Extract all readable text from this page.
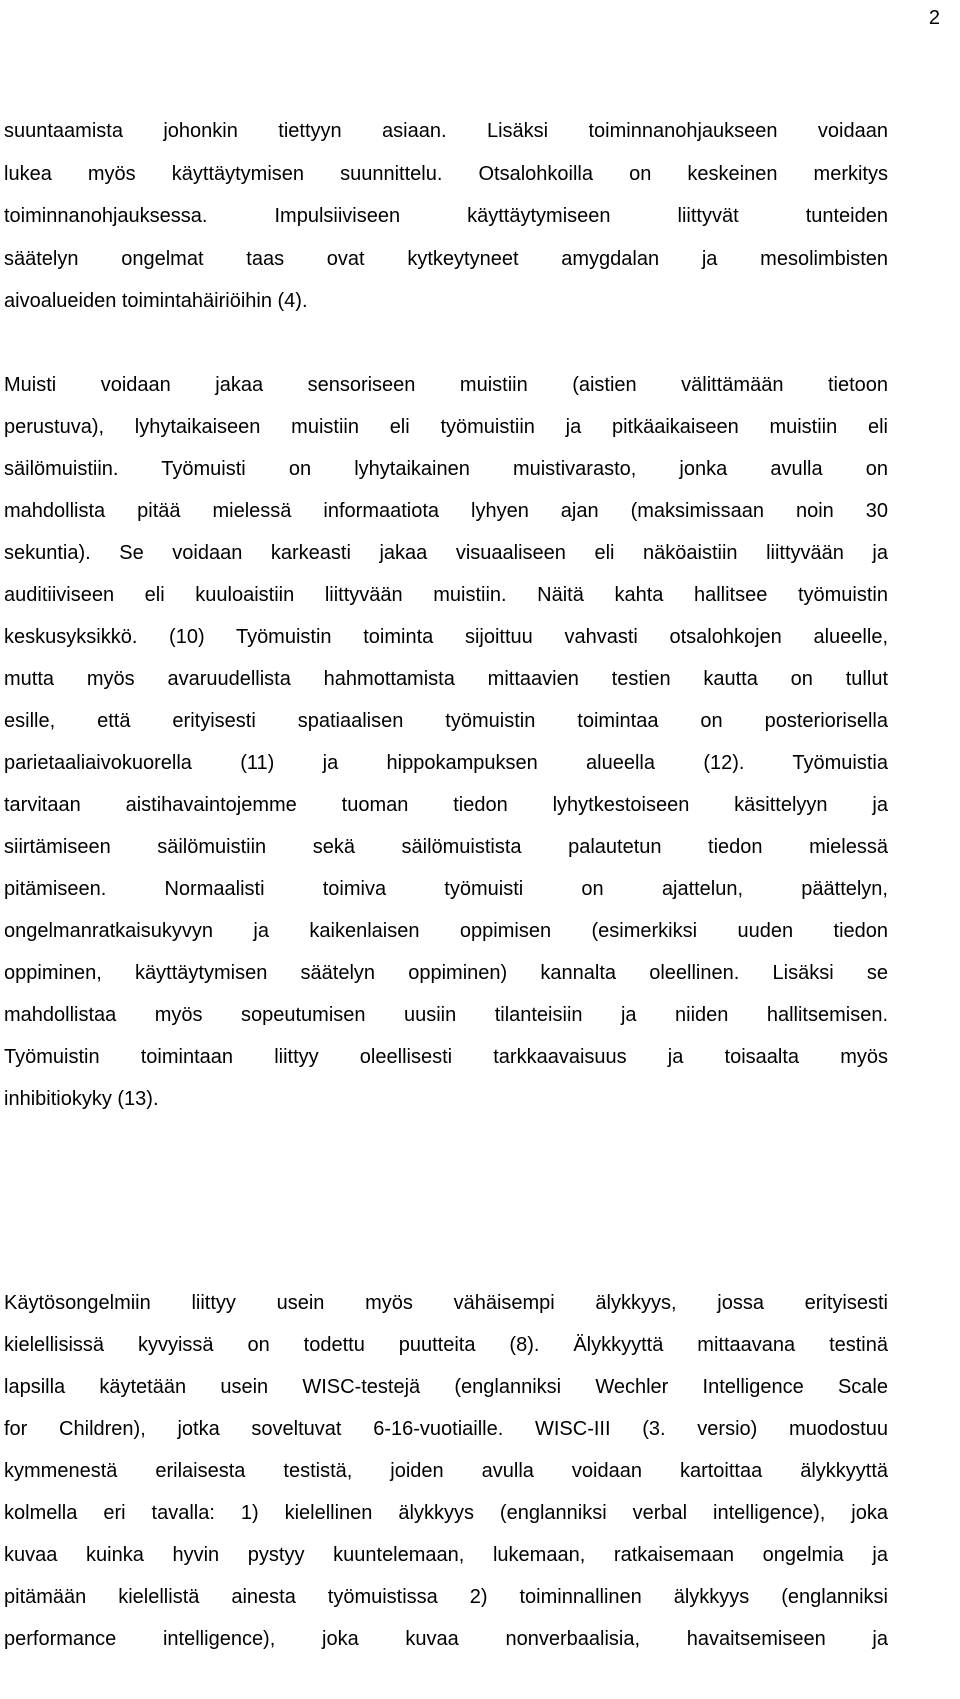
2
suuntaamista johonkin tiettyyn asiaan. Lisäksi toiminnanohjaukseen voidaan
lukea myös käyttäytymisen suunnittelu. Otsalohkoilla on keskeinen merkitys
toiminnanohjauksessa. Impulsiiviseen käyttäytymiseen liittyvät tunteiden
säätelyn ongelmat taas ovat kytkeytyneet amygdalan ja mesolimbisten
aivoalueiden toimintahäiriöihin (4).
Muisti voidaan jakaa sensoriseen muistiin (aistien välittämään tietoon
perustuva), lyhytaikaiseen muistiin eli työmuistiin ja pitkäaikaiseen muistiin eli
säilömuistiin. Työmuisti on lyhytaikainen muistivarasto, jonka avulla on
mahdollista pitää mielessä informaatiota lyhyen ajan (maksimissaan noin 30
sekuntia). Se voidaan karkeasti jakaa visuaaliseen eli näköaistiin liittyvään ja
auditiiviseen eli kuuloaistiin liittyvään muistiin. Näitä kahta hallitsee työmuistin
keskusyksikkö. (10) Työmuistin toiminta sijoittuu vahvasti otsalohkojen alueelle,
mutta myös avaruudellista hahmottamista mittaavien testien kautta on tullut
esille, että erityisesti spatiaalisen työmuistin toimintaa on posteriorisella
parietaaliaivokuorella (11) ja hippokampuksen alueella (12). Työmuistia
tarvitaan aistihavaintojemme tuoman tiedon lyhytkestoiseen käsittelyyn ja
siirtämiseen säilömuistiin sekä säilömuistista palautetun tiedon mielessä
pitämiseen. Normaalisti toimiva työmuisti on ajattelun, päättelyn,
ongelmanratkaisukyvyn ja kaikenlaisen oppimisen (esimerkiksi uuden tiedon
oppiminen, käyttäytymisen säätelyn oppiminen) kannalta oleellinen. Lisäksi se
mahdollistaa myös sopeutumisen uusiin tilanteisiin ja niiden hallitsemisen.
Työmuistin toimintaan liittyy oleellisesti tarkkaavaisuus ja toisaalta myös
inhibitiokyky (13).
Käytösongelmiin liittyy usein myös vähäisempi älykkyys, jossa erityisesti
kielellisissä kyvyissä on todettu puutteita (8). Älykkyyttä mittaavana testinä
lapsilla käytetään usein WISC-testejä (englanniksi Wechler Intelligence Scale
for Children), jotka soveltuvat 6-16-vuotiaille. WISC-III (3. versio) muodostuu
kymmenestä erilaisesta testistä, joiden avulla voidaan kartoittaa älykkyyttä
kolmella eri tavalla: 1) kielellinen älykkyys (englanniksi verbal intelligence), joka
kuvaa kuinka hyvin pystyy kuuntelemaan, lukemaan, ratkaisemaan ongelmia ja
pitämään kielellistä ainesta työmuistissa 2) toiminnallinen älykkyys (englanniksi
performance intelligence), joka kuvaa nonverbaalisia, havaitsemiseen ja
